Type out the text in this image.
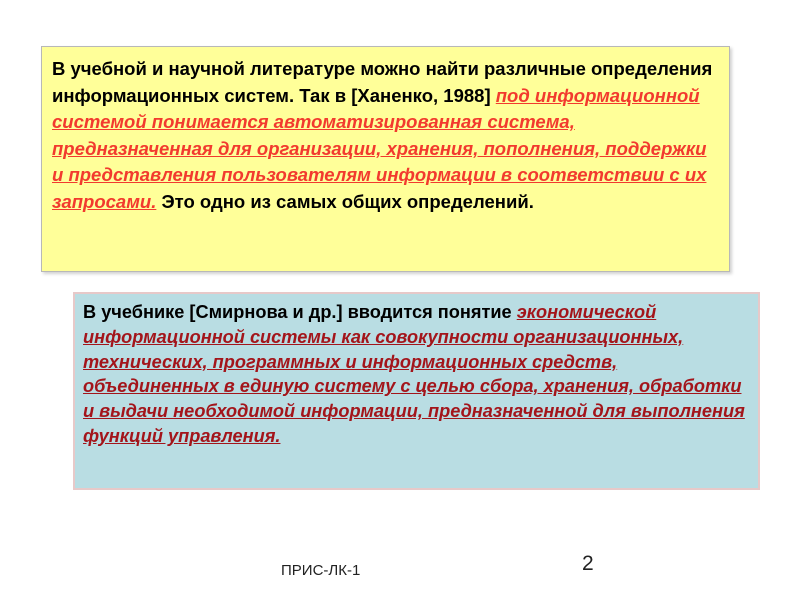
В учебной и научной литературе можно найти различные определения информационных систем. Так в [Ханенко, 1988] под информационной системой понимается автоматизированная система, предназначенная для организации, хранения, пополнения, поддержки и представления пользователям информации в соответствии с их запросами. Это одно из самых общих определений.
В учебнике [Смирнова и др.] вводится понятие экономической информационной системы как совокупности организационных, технических, программных и информационных средств, объединенных в единую систему с целью сбора, хранения, обработки и выдачи необходимой информации, предназначенной для выполнения функций управления.
ПРИС-ЛК-1	2
